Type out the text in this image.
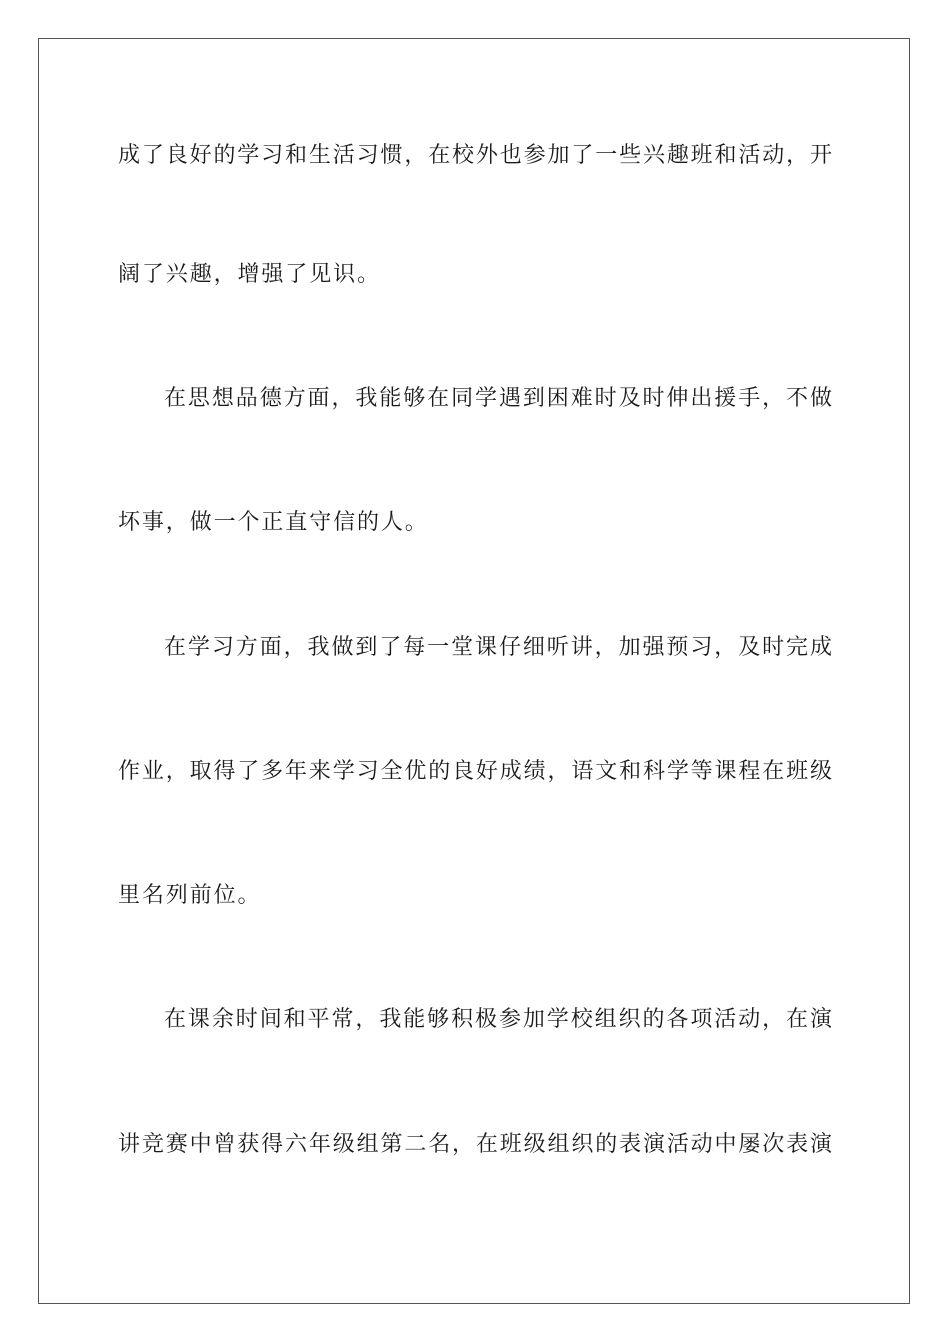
成了良好的学习和生活习惯，在校外也参加了一些兴趣班和活动，开
阔了兴趣，增强了见识。
在思想品德方面，我能够在同学遇到困难时及时伸出援手，不做
坏事，做一个正直守信的人。
在学习方面，我做到了每一堂课仔细听讲，加强预习，及时完成
作业，取得了多年来学习全优的良好成绩，语文和科学等课程在班级
里名列前位。
在课余时间和平常，我能够积极参加学校组织的各项活动，在演
讲竞赛中曾获得六年级组第二名，在班级组织的表演活动中屡次表演
